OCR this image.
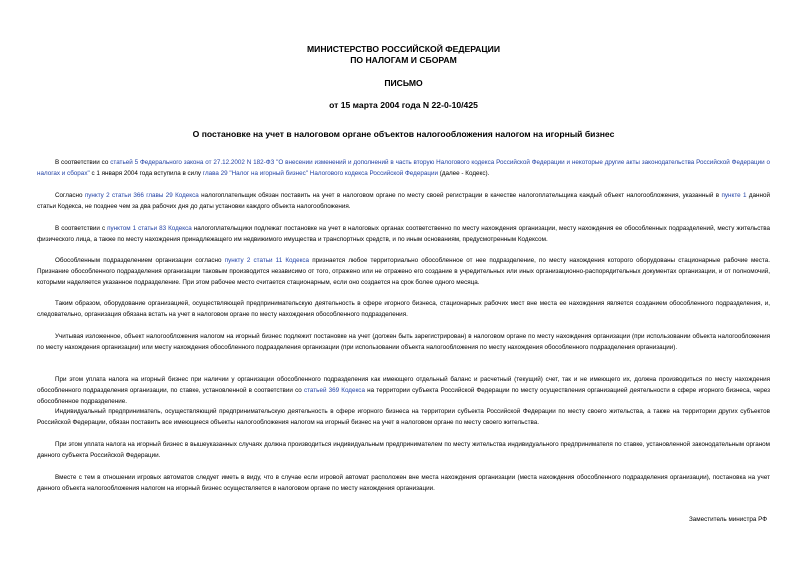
МИНИСТЕРСТВО РОССИЙСКОЙ ФЕДЕРАЦИИ
ПО НАЛОГАМ И СБОРАМ
ПИСЬМО
от 15 марта 2004 года N 22-0-10/425
О постановке на учет в налоговом органе объектов налогообложения налогом на игорный бизнес
В соответствии со статьей 5 Федерального закона от 27.12.2002 N 182-ФЗ "О внесении изменений и дополнений в часть вторую Налогового кодекса Российской Федерации и некоторые другие акты законодательства Российской Федерации о налогах и сборах" с 1 января 2004 года вступила в силу глава 29 "Налог на игорный бизнес" Налогового кодекса Российской Федерации (далее - Кодекс).
Согласно пункту 2 статьи 366 главы 29 Кодекса налогоплательщик обязан поставить на учет в налоговом органе по месту своей регистрации в качестве налогоплательщика каждый объект налогообложения, указанный в пункте 1 данной статьи Кодекса, не позднее чем за два рабочих дня до даты установки каждого объекта налогообложения.
В соответствии с пунктом 1 статьи 83 Кодекса налогоплательщики подлежат постановке на учет в налоговых органах соответственно по месту нахождения организации, месту нахождения ее обособленных подразделений, месту жительства физического лица, а также по месту нахождения принадлежащего им недвижимого имущества и транспортных средств, и по иным основаниям, предусмотренным Кодексом.
Обособленным подразделением организации согласно пункту 2 статьи 11 Кодекса признается любое территориально обособленное от нее подразделение, по месту нахождения которого оборудованы стационарные рабочие места. Признание обособленного подразделения организации таковым производится независимо от того, отражено или не отражено его создание в учредительных или иных организационно-распорядительных документах организации, и от полномочий, которыми наделяется указанное подразделение. При этом рабочее место считается стационарным, если оно создается на срок более одного месяца.
Таким образом, оборудование организацией, осуществляющей предпринимательскую деятельность в сфере игорного бизнеса, стационарных рабочих мест вне места ее нахождения является созданием обособленного подразделения, и, следовательно, организация обязана встать на учет в налоговом органе по месту нахождения обособленного подразделения.
Учитывая изложенное, объект налогообложения налогом на игорный бизнес подлежит постановке на учет (должен быть зарегистрирован) в налоговом органе по месту нахождения организации (при использовании объекта налогообложения по месту нахождения организации) или месту нахождения обособленного подразделения организации (при использовании объекта налогообложения по месту нахождения обособленного подразделения организации).
При этом уплата налога на игорный бизнес при наличии у организации обособленного подразделения как имеющего отдельный баланс и расчетный (текущий) счет, так и не имеющего их, должна производиться по месту нахождения обособленного подразделения организации, по ставке, установленной в соответствии со статьей 369 Кодекса на территории субъекта Российской Федерации по месту осуществления организацией деятельности в сфере игорного бизнеса, через обособленное подразделение.
Индивидуальный предприниматель, осуществляющий предпринимательскую деятельность в сфере игорного бизнеса на территории субъекта Российской Федерации по месту своего жительства, а также на территории других субъектов Российской Федерации, обязан поставить все имеющиеся объекты налогообложения налогом на игорный бизнес на учет в налоговом органе по месту своего жительства.
При этом уплата налога на игорный бизнес в вышеуказанных случаях должна производиться индивидуальным предпринимателем по месту жительства индивидуального предпринимателя по ставке, установленной законодательным органом данного субъекта Российской Федерации.
Вместе с тем в отношении игровых автоматов следует иметь в виду, что в случае если игровой автомат расположен вне места нахождения организации (места нахождения обособленного подразделения организации), постановка на учет данного объекта налогообложения налогом на игорный бизнес осуществляется в налоговом органе по месту нахождения организации.
Заместитель министра РФ
